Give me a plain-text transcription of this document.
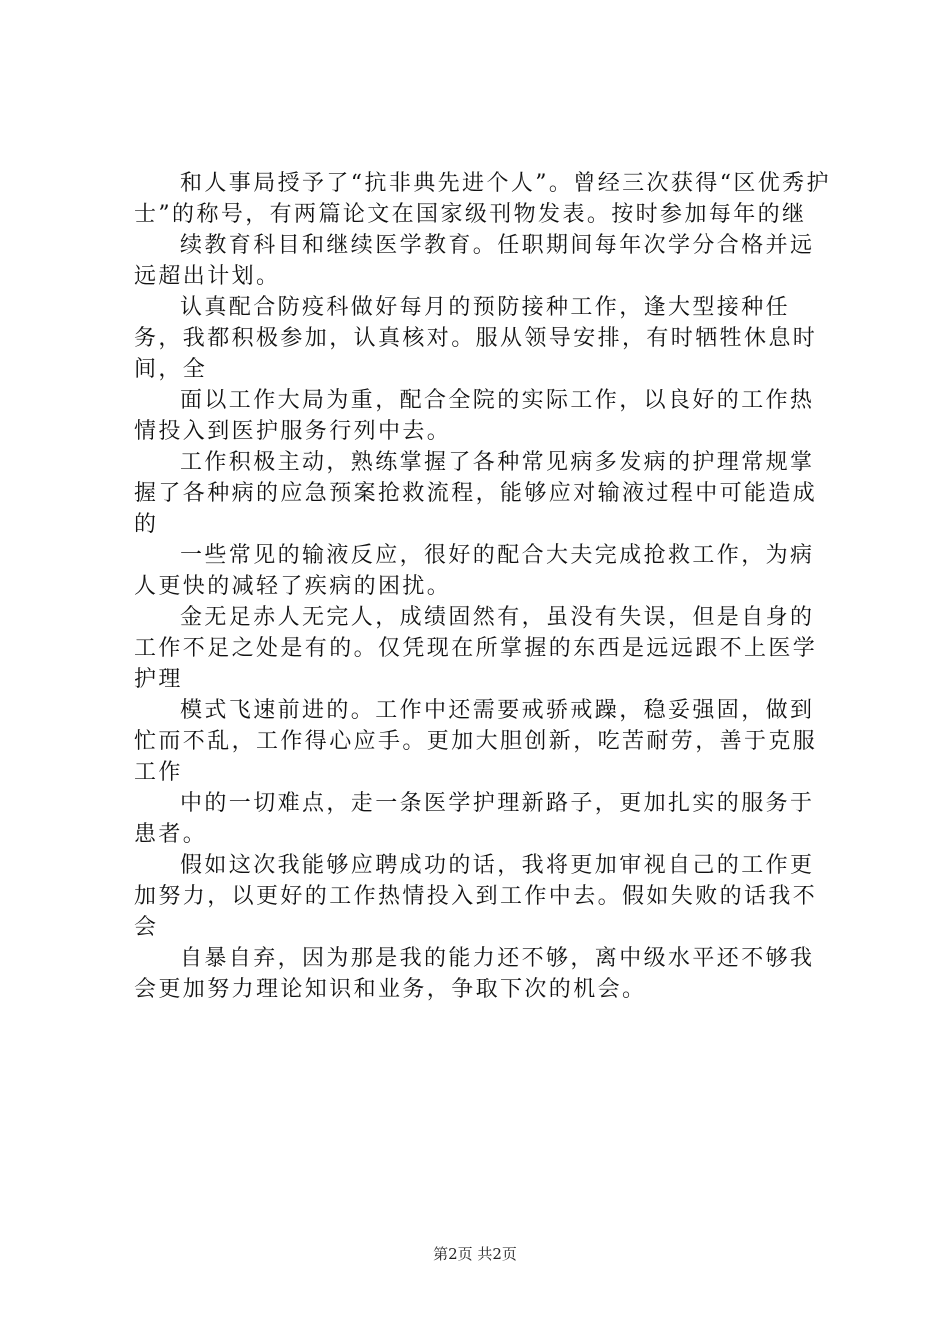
和人事局授予了“抗非典先进个人”。曾经三次获得“区优秀护士”的称号，有两篇论文在国家级刊物发表。按时参加每年的继

续教育科目和继续医学教育。任职期间每年次学分合格并远远超出计划。

认真配合防疫科做好每月的预防接种工作，逢大型接种任务，我都积极参加，认真核对。服从领导安排，有时牺牲休息时间，全

面以工作大局为重，配合全院的实际工作，以良好的工作热情投入到医护服务行列中去。

工作积极主动，熟练掌握了各种常见病多发病的护理常规掌握了各种病的应急预案抢救流程，能够应对输液过程中可能造成的

一些常见的输液反应，很好的配合大夫完成抢救工作，为病人更快的减轻了疾病的困扰。

金无足赤人无完人，成绩固然有，虽没有失误，但是自身的工作不足之处是有的。仅凭现在所掌握的东西是远远跟不上医学护理

模式飞速前进的。工作中还需要戒骄戒躁，稳妥强固，做到忙而不乱，工作得心应手。更加大胆创新，吃苦耐劳，善于克服工作

中的一切难点，走一条医学护理新路子，更加扎实的服务于患者。

假如这次我能够应聘成功的话，我将更加审视自己的工作更加努力，以更好的工作热情投入到工作中去。假如失败的话我不会

自暴自弃，因为那是我的能力还不够，离中级水平还不够我会更加努力理论知识和业务，争取下次的机会。

第2页 共2页
